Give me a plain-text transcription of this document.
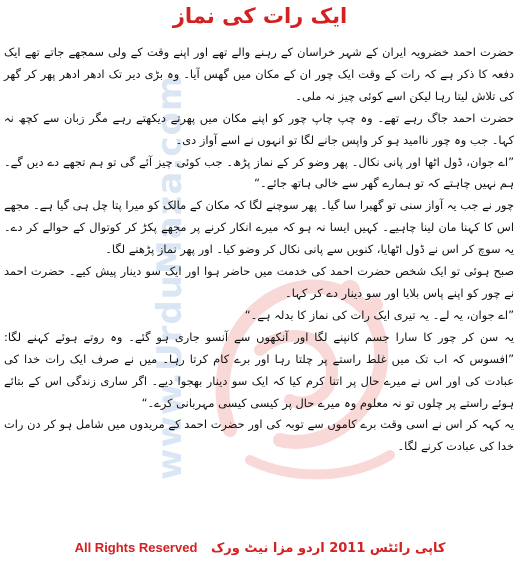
www.UrduMaza.com
ایک رات کی نماز

حضرت احمد خضرویہ ایران کے شہر خراسان کے رہنے والے تھے اور اپنے وقت کے ولی سمجھے جاتے تھے ایک دفعہ کا ذکر ہے کہ رات کے وقت ایک چور ان کے مکان میں گھس آیا۔ وہ بڑی دیر تک ادھر ادھر پھر کر گھر کی تلاش لیتا رہا لیکن اسے کوئی چیز نہ ملی۔

حضرت احمد جاگ رہے تھے۔ وہ چپ چاپ چور کو اپنے مکان میں پھرتے دیکھتے رہے مگر زبان سے کچھ نہ کہا۔ جب وہ چور ناامید ہو کر واپس جانے لگا تو انہوں نے اسے آواز دی۔

”اے جوان، ڈول اٹھا اور پانی نکال۔ پھر وضو کر کے نماز پڑھ۔ جب کوئی چیز آئے گی تو ہم تجھے دے دیں گے۔ ہم نہیں چاہتے کہ تو ہمارے گھر سے خالی ہاتھ جائے۔“

چور نے جب یہ آواز سنی تو گھبرا سا گیا۔ پھر سوچنے لگا کہ مکان کے مالک کو میرا پتا چل ہی گیا ہے۔ مجھے اس کا کہنا مان لینا چاہیے۔ کہیں ایسا نہ ہو کہ میرے انکار کرنے پر مجھے پکڑ کر کوتوال کے حوالے کر دے۔ یہ سوچ کر اس نے ڈول اٹھایا، کنویں سے پانی نکال کر وضو کیا۔ اور پھر نماز پڑھنے لگا۔

صبح ہوئی تو ایک شخص حضرت احمد کی خدمت میں حاضر ہوا اور ایک سو دینار پیش کیے۔ حضرت احمد نے چور کو اپنے پاس بلایا اور سو دینار دے کر کہا۔

”اے جوان، یہ لے۔ یہ تیری ایک رات کی نماز کا بدلہ ہے۔“

یہ سن کر چور کا سارا جسم کانپنے لگا اور آنکھوں سے آنسو جاری ہو گئے۔ وہ روتے ہوئے کہنے لگا: ”افسوس کہ اب تک میں غلط راستے پر چلتا رہا اور برے کام کرتا رہا۔ میں نے صرف ایک رات خدا کی عبادت کی اور اس نے میرے حال پر اتنا کرم کیا کہ ایک سو دینار بھجوا دیے۔ اگر ساری زندگی اس کے بتائے ہوئے راستے پر چلوں تو نہ معلوم وہ میرے حال پر کیسی کیسی مہربانی کرے۔“

یہ کہہ کر اس نے اسی وقت برے کاموں سے توبہ کی اور حضرت احمد کے مریدوں میں شامل ہو کر دن رات خدا کی عبادت کرنے لگا۔

کاپی رائٹس 2011 اردو مزا نیٹ ورک   All Rights Reserved
